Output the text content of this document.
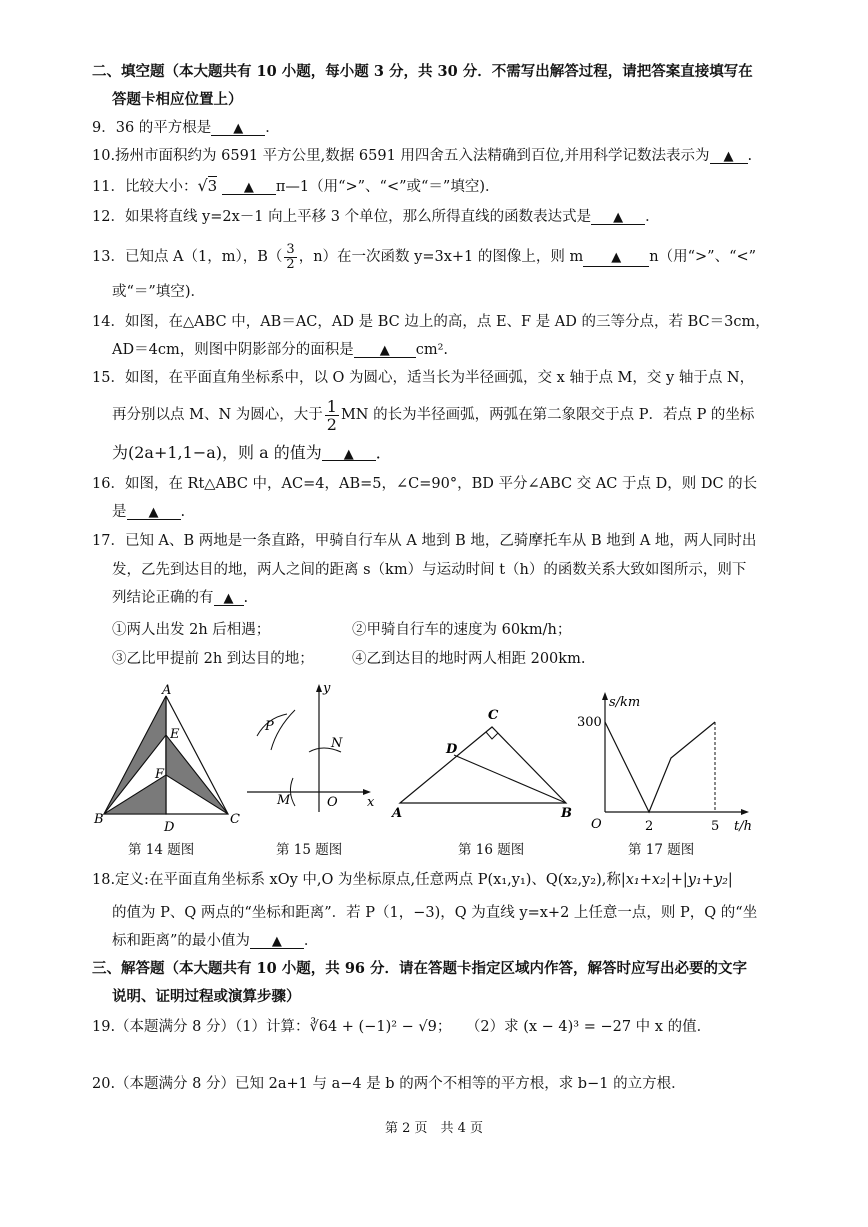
二、填空题（本大题共有 10 小题，每小题 3 分，共 30 分．不需写出解答过程，请把答案直接填写在
答题卡相应位置上）
9．36 的平方根是 ▲ ．
10.扬州市面积约为 6591 平方公里,数据 6591 用四舍五入法精确到百位,并用科学记数法表示为 ▲ .
11．比较大小：√3 ▲ π—1（用“>”、“<”或“＝”填空)．
12．如果将直线 y=2x－1 向上平移 3 个单位，那么所得直线的函数表达式是 ▲ ．
13．已知点 A（1，m），$B( \frac{3}{2}$ ，n）在一次函数 y=3x+1 的图像上，则 m ▲ n（用“>”、“<”
或“＝”填空)．
14．如图，在△ABC 中，AB＝AC，AD 是 BC 边上的高，点 E、F 是 AD 的三等分点，若 BC＝3cm，
AD＝4cm，则图中阴影部分的面积是 ▲ cm².
15．如图，在平面直角坐标系中，以 O 为圆心，适当长为半径画弧，交 x 轴于点 M，交 y 轴于点 N，
再分别以点 M、N 为圆心，大于 $\frac{1}{2}$ MN 的长为半径画弧，两弧在第二象限交于点 P．若点 P 的坐标
为(2a+1,1−a)，则 a 的值为 ▲ ．
16．如图，在 Rt△ABC 中，AC=4，AB=5，∠C=90°，BD 平分∠ABC 交 AC 于点 D，则 DC 的长
是 ▲ .
17．已知 A、B 两地是一条直路，甲骑自行车从 A 地到 B 地，乙骑摩托车从 B 地到 A 地，两人同时出
发，乙先到达目的地，两人之间的距离 s（km）与运动时间 t（h）的函数关系大致如图所示，则下
列结论正确的有 ▲ .
①两人出发 2h 后相遇；	②甲骑自行车的速度为 60km/h；
③乙比甲提前 2h 到达目的地；	④乙到达目的地时两人相距 200km.
A
E
F
B
D
C
第 14 题图
y
P
N
M	O x
第 15 题图
C
D
A	B
第 16 题图
s/km
300
O	2	5 t/h
第 17 题图
18.定义:在平面直角坐标系 xOy 中,O 为坐标原点,任意两点 P(x₁,y₁)、Q(x₂,y₂),称|x₁+x₂|+|y₁+y₂|
的值为 P、Q 两点的“坐标和距离”．若 P（1，−3)，Q 为直线 y=x+2 上任意一点，则 P，Q 的“坐
标和距离”的最小值为 ▲ ．
三、解答题（本大题共有 10 小题，共 96 分．请在答题卡指定区域内作答，解答时应写出必要的文字
说明、证明过程或演算步骤）
19.（本题满分 8 分）（1）计算：∛64 + (−1)² − √9；　　（2）求 (x − 4)³ = −27 中 x 的值．
20.（本题满分 8 分）已知 2a+1 与 a−4 是 b 的两个不相等的平方根，求 b−1 的立方根．
第 2 页　共 4 页
